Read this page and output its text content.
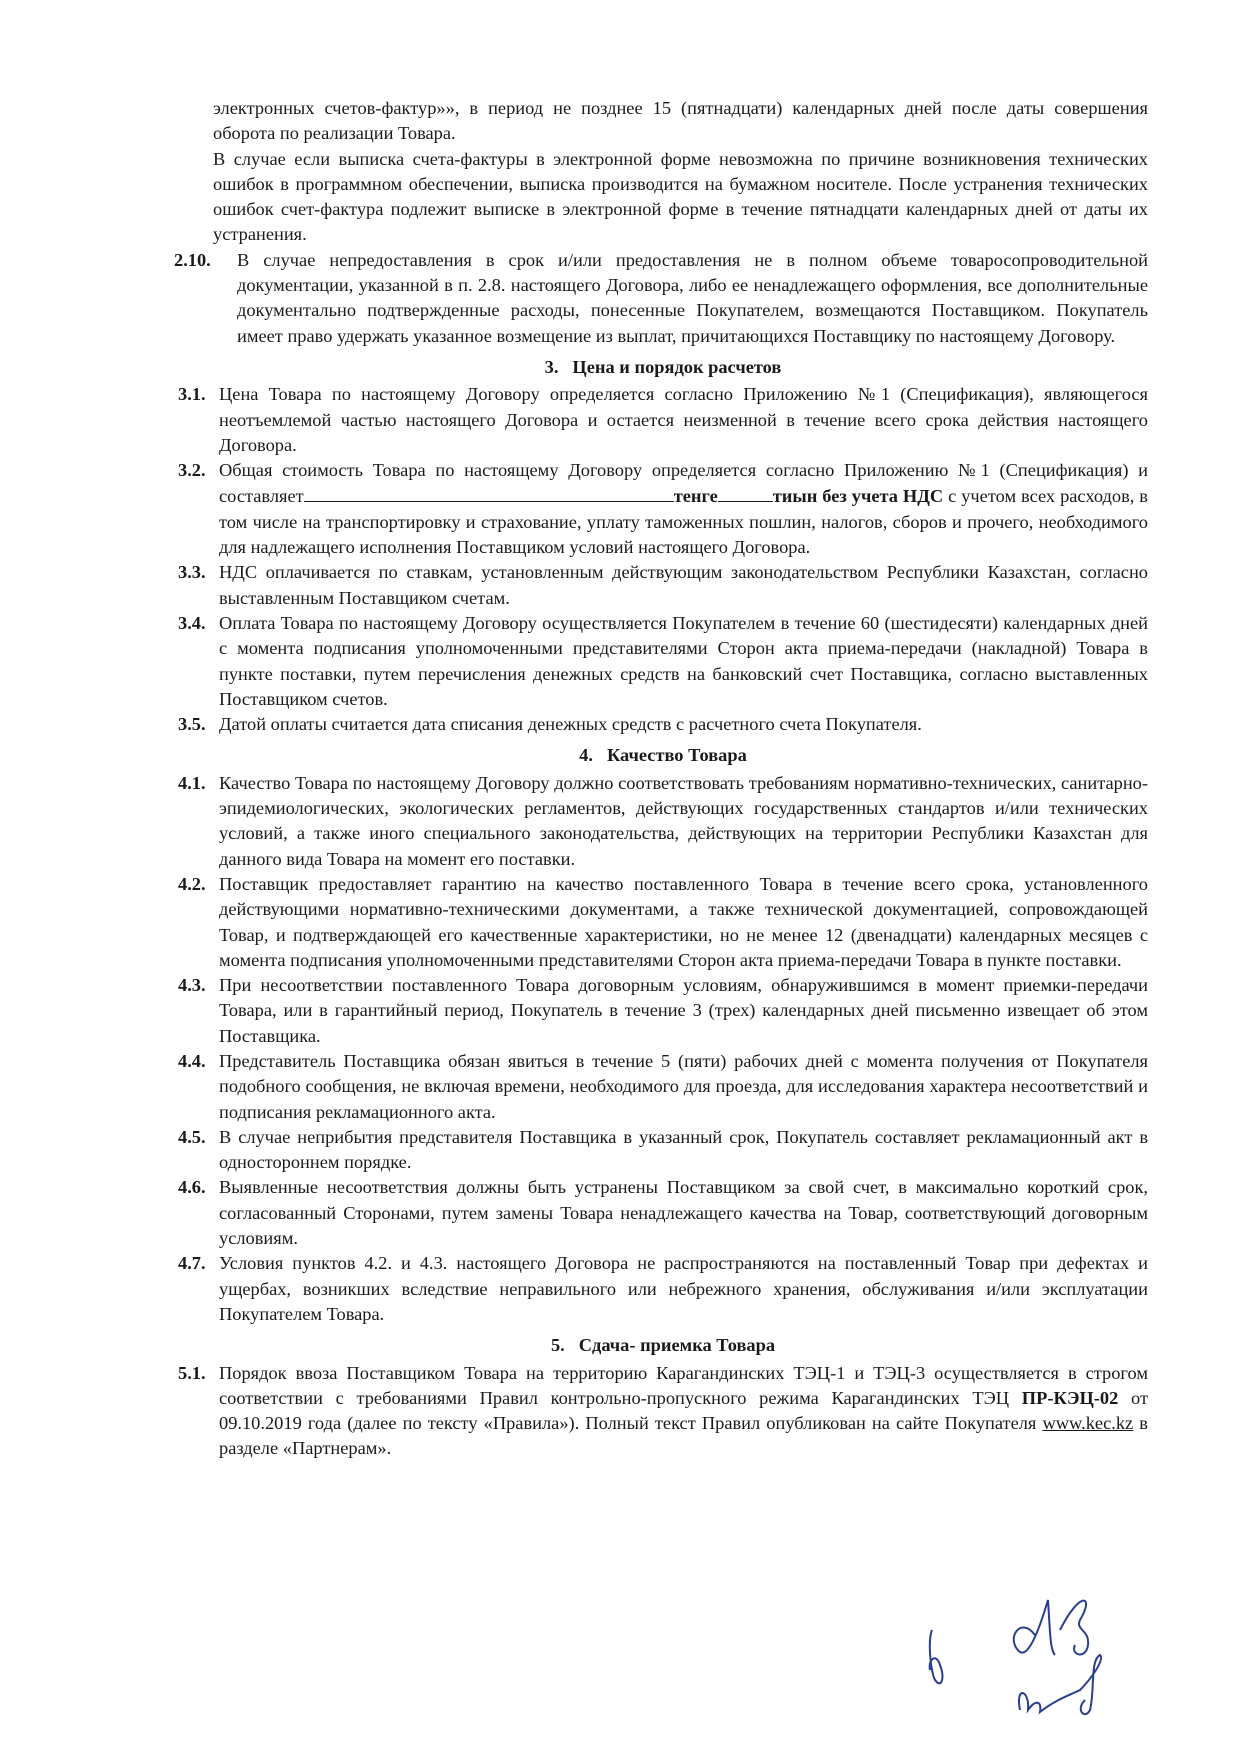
электронных счетов-фактур»», в период не позднее 15 (пятнадцати) календарных дней после даты совершения оборота по реализации Товара.
В случае если выписка счета-фактуры в электронной форме невозможна по причине возникновения технических ошибок в программном обеспечении, выписка производится на бумажном носителе. После устранения технических ошибок счет-фактура подлежит выписке в электронной форме в течение пятнадцати календарных дней от даты их устранения.
2.10.	В случае непредоставления в срок и/или предоставления не в полном объеме товаросопроводительной документации, указанной в п. 2.8. настоящего Договора, либо ее ненадлежащего оформления, все дополнительные документально подтвержденные расходы, понесенные Покупателем, возмещаются Поставщиком. Покупатель имеет право удержать указанное возмещение из выплат, причитающихся Поставщику по настоящему Договору.
3. Цена и порядок расчетов
3.1. Цена Товара по настоящему Договору определяется согласно Приложению №1 (Спецификация), являющегося неотъемлемой частью настоящего Договора и остается неизменной в течение всего срока действия настоящего Договора.
3.2. Общая стоимость Товара по настоящему Договору определяется согласно Приложению №1 (Спецификация) и составляет	тенге	тиын без учета НДС с учетом всех расходов, в том числе на транспортировку и страхование, уплату таможенных пошлин, налогов, сборов и прочего, необходимого для надлежащего исполнения Поставщиком условий настоящего Договора.
3.3. НДС оплачивается по ставкам, установленным действующим законодательством Республики Казахстан, согласно выставленным Поставщиком счетам.
3.4. Оплата Товара по настоящему Договору осуществляется Покупателем в течение 60 (шестидесяти) календарных дней с момента подписания уполномоченными представителями Сторон акта приема-передачи (накладной) Товара в пункте поставки, путем перечисления денежных средств на банковский счет Поставщика, согласно выставленных Поставщиком счетов.
3.5. Датой оплаты считается дата списания денежных средств с расчетного счета Покупателя.
4. Качество Товара
4.1. Качество Товара по настоящему Договору должно соответствовать требованиям нормативно-технических, санитарно-эпидемиологических, экологических регламентов, действующих государственных стандартов и/или технических условий, а также иного специального законодательства, действующих на территории Республики Казахстан для данного вида Товара на момент его поставки.
4.2. Поставщик предоставляет гарантию на качество поставленного Товара в течение всего срока, установленного действующими нормативно-техническими документами, а также технической документацией, сопровождающей Товар, и подтверждающей его качественные характеристики, но не менее 12 (двенадцати) календарных месяцев с момента подписания уполномоченными представителями Сторон акта приема-передачи Товара в пункте поставки.
4.3. При несоответствии поставленного Товара договорным условиям, обнаружившимся в момент приемки-передачи Товара, или в гарантийный период, Покупатель в течение 3 (трех) календарных дней письменно извещает об этом Поставщика.
4.4. Представитель Поставщика обязан явиться в течение 5 (пяти) рабочих дней с момента получения от Покупателя подобного сообщения, не включая времени, необходимого для проезда, для исследования характера несоответствий и подписания рекламационного акта.
4.5. В случае неприбытия представителя Поставщика в указанный срок, Покупатель составляет рекламационный акт в одностороннем порядке.
4.6. Выявленные несоответствия должны быть устранены Поставщиком за свой счет, в максимально короткий срок, согласованный Сторонами, путем замены Товара ненадлежащего качества на Товар, соответствующий договорным условиям.
4.7. Условия пунктов 4.2. и 4.3. настоящего Договора не распространяются на поставленный Товар при дефектах и ущербах, возникших вследствие неправильного или небрежного хранения, обслуживания и/или эксплуатации Покупателем Товара.
5. Сдача- приемка Товара
5.1. Порядок ввоза Поставщиком Товара на территорию Карагандинских ТЭЦ-1 и ТЭЦ-3 осуществляется в строгом соответствии с требованиями Правил контрольно-пропускного режима Карагандинских ТЭЦ ПР-КЭЦ-02 от 09.10.2019 года (далее по тексту «Правила»). Полный текст Правил опубликован на сайте Покупателя www.kec.kz в разделе «Партнерам».
